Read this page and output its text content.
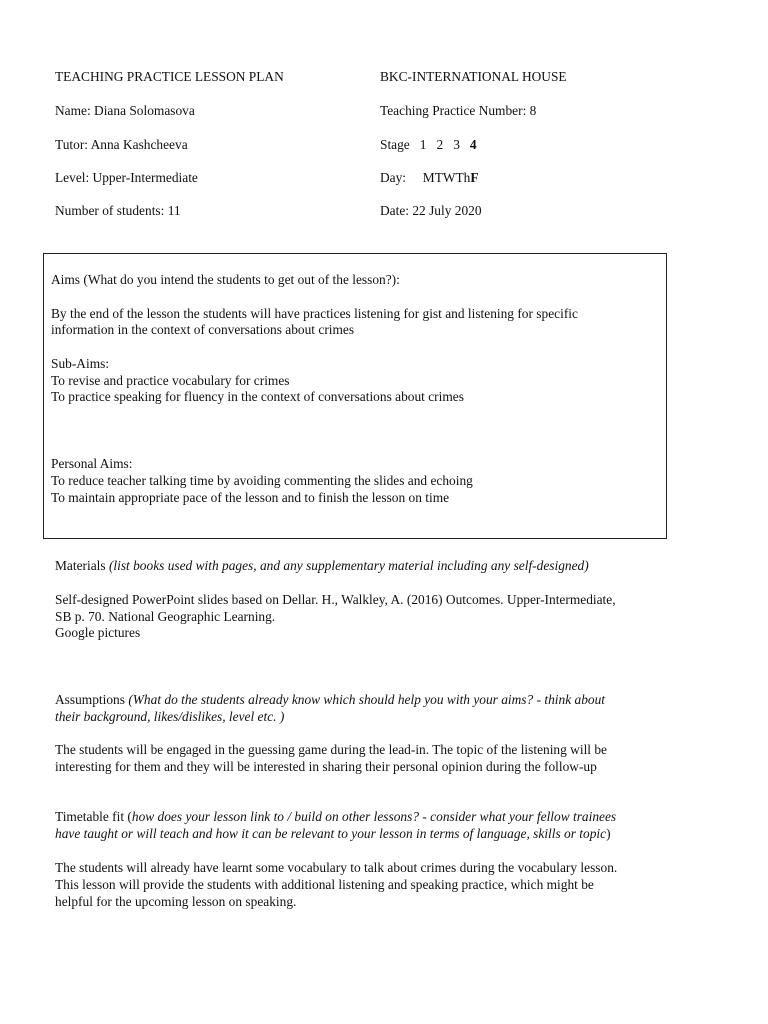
TEACHING PRACTICE LESSON PLAN	BKC-INTERNATIONAL HOUSE
Name: Diana Solomasova	Teaching Practice Number: 8
Tutor: Anna Kashcheeva	Stage 1 2 3 4
Level: Upper-Intermediate	Day: MTWThF
Number of students: 11	Date: 22 July 2020
Aims (What do you intend the students to get out of the lesson?):
By the end of the lesson the students will have practices listening for gist and listening for specific
information in the context of conversations about crimes
Sub-Aims:
To revise and practice vocabulary for crimes
To practice speaking for fluency in the context of conversations about crimes
Personal Aims:
To reduce teacher talking time by avoiding commenting the slides and echoing
To maintain appropriate pace of the lesson and to finish the lesson on time
Materials (list books used with pages, and any supplementary material including any self-designed)
Self-designed PowerPoint slides based on Dellar. H., Walkley, A. (2016) Outcomes. Upper-Intermediate,
SB p. 70. National Geographic Learning.
Google pictures
Assumptions (What do the students already know which should help you with your aims? - think about
their background, likes/dislikes, level etc. )
The students will be engaged in the guessing game during the lead-in. The topic of the listening will be
interesting for them and they will be interested in sharing their personal opinion during the follow-up
Timetable fit (how does your lesson link to / build on other lessons? - consider what your fellow trainees
have taught or will teach and how it can be relevant to your lesson in terms of language, skills or topic)
The students will already have learnt some vocabulary to talk about crimes during the vocabulary lesson.
This lesson will provide the students with additional listening and speaking practice, which might be
helpful for the upcoming lesson on speaking.
